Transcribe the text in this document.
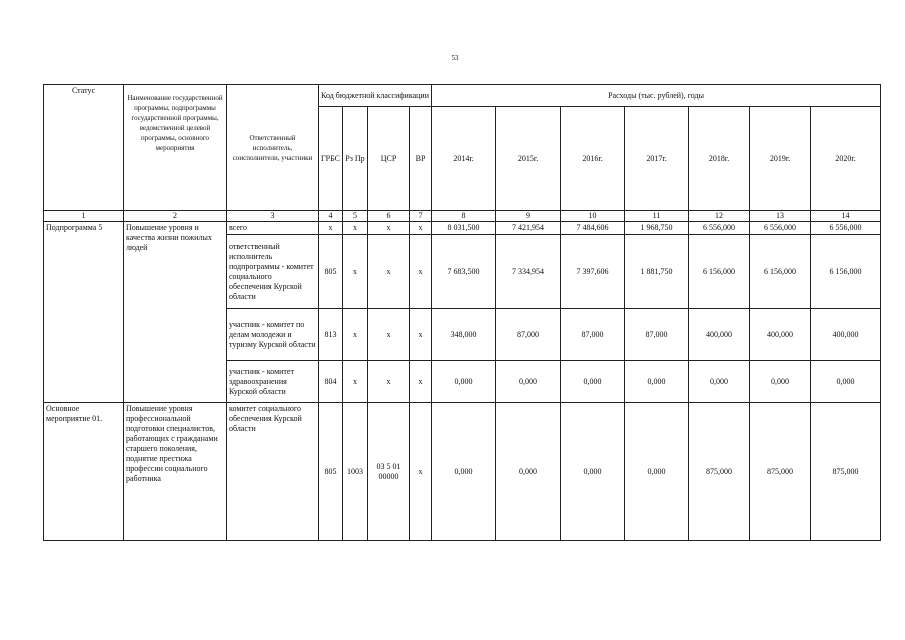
53
Статус	Наименование государственной программы, подпрограммы государственной программы, ведомственной целевой программы, основного мероприятия	Ответственный исполнитель, соисполнители, участники	Код бюджетной классификации				Расходы (тыс. рублей), годы						
			ГРБС	Рз Пр	ЦСР	ВР	2014г.	2015г.	2016г.	2017г.	2018г.	2019г.	2020г.
1	2	3	4	5	6	7	8	9	10	11	12	13	14
Подпрограмма 5	Повышение уровня и качества жизни пожилых людей	всего	х	х	х	х	8 031,500	7 421,954	7 484,606	1 968,750	6 556,000	6 556,000	6 556,000
		ответственный исполнитель подпрограммы - комитет социального обеспечения Курской области	805	х	х	х	7 683,500	7 334,954	7 397,606	1 881,750	6 156,000	6 156,000	6 156,000
		участник - комитет по делам молодежи и туризму Курской области	813	х	х	х	348,000	87,000	87,000	87,000	400,000	400,000	400,000
		участник - комитет здравоохранения Курской области	804	х	х	х	0,000	0,000	0,000	0,000	0,000	0,000	0,000
Основное мероприятие 01.	Повышение уровня профессиональной подготовки специалистов, работающих с гражданами старшего поколения, поднятие престижа профессии социального работника	комитет социального обеспечения Курской области	805	1003	03 5 01 00000	х	0,000	0,000	0,000	0,000	875,000	875,000	875,000
